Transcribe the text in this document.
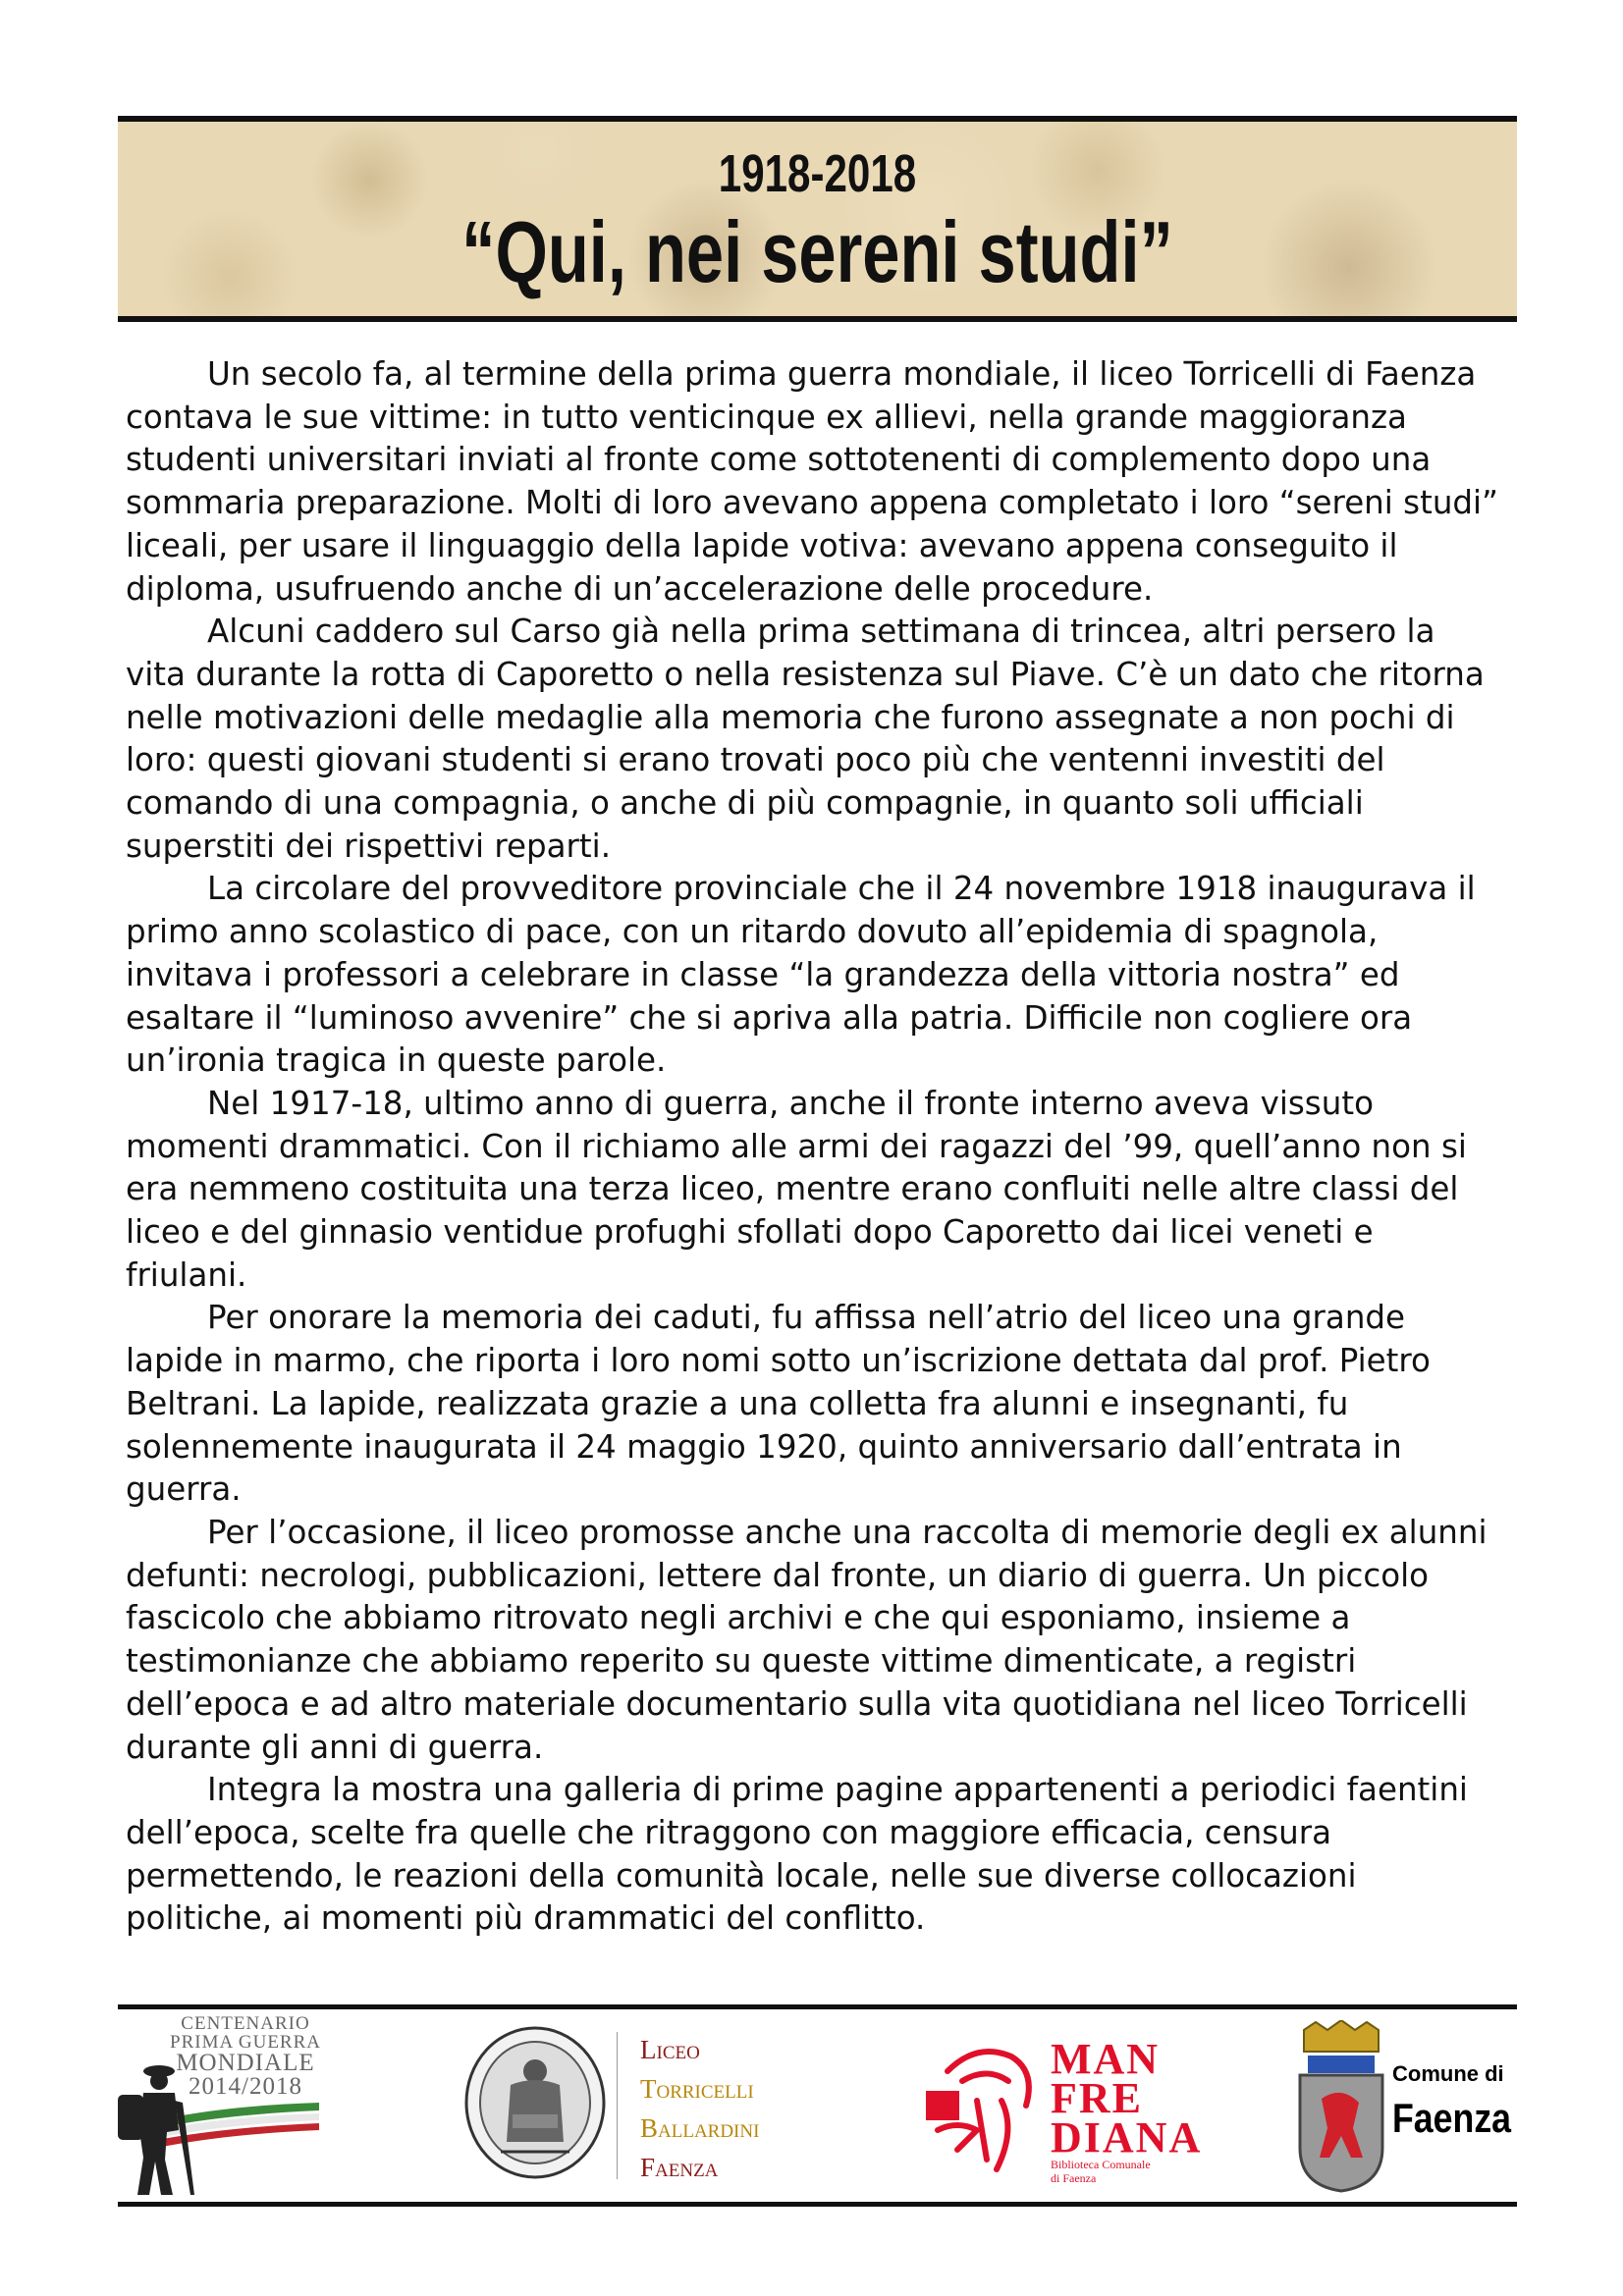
1918-2018
“Qui, nei sereni studi”

Un secolo fa, al termine della prima guerra mondiale, il liceo Torricelli di Faenza contava le sue vittime: in tutto venticinque ex allievi, nella grande maggioranza studenti universitari inviati al fronte come sottotenenti di complemento dopo una sommaria preparazione. Molti di loro avevano appena completato i loro “sereni studi” liceali, per usare il linguaggio della lapide votiva: avevano appena conseguito il diploma, usufruendo anche di un’accelerazione delle procedure.

Alcuni caddero sul Carso già nella prima settimana di trincea, altri persero la vita durante la rotta di Caporetto o nella resistenza sul Piave. C’è un dato che ritorna nelle motivazioni delle medaglie alla memoria che furono assegnate a non pochi di loro: questi giovani studenti si erano trovati poco più che ventenni investiti del comando di una compagnia, o anche di più compagnie, in quanto soli ufficiali superstiti dei rispettivi reparti.

La circolare del provveditore provinciale che il 24 novembre 1918 inaugurava il primo anno scolastico di pace, con un ritardo dovuto all’epidemia di spagnola, invitava i professori a celebrare in classe “la grandezza della vittoria nostra” ed esaltare il “luminoso avvenire” che si apriva alla patria. Difficile non cogliere ora un’ironia tragica in queste parole.

Nel 1917-18, ultimo anno di guerra, anche il fronte interno aveva vissuto momenti drammatici. Con il richiamo alle armi dei ragazzi del ’99, quell’anno non si era nemmeno costituita una terza liceo, mentre erano confluiti nelle altre classi del liceo e del ginnasio ventidue profughi sfollati dopo Caporetto dai licei veneti e friulani.

Per onorare la memoria dei caduti, fu affissa nell’atrio del liceo una grande lapide in marmo, che riporta i loro nomi sotto un’iscrizione dettata dal prof. Pietro Beltrani. La lapide, realizzata grazie a una colletta fra alunni e insegnanti, fu solennemente inaugurata il 24 maggio 1920, quinto anniversario dall’entrata in guerra.

Per l’occasione, il liceo promosse anche una raccolta di memorie degli ex alunni defunti: necrologi, pubblicazioni, lettere dal fronte, un diario di guerra. Un piccolo fascicolo che abbiamo ritrovato negli archivi e che qui esponiamo, insieme a testimonianze che abbiamo reperito su queste vittime dimenticate, a registri dell’epoca e ad altro materiale documentario sulla vita quotidiana nel liceo Torricelli durante gli anni di guerra.

Integra la mostra una galleria di prime pagine appartenenti a periodici faentini dell’epoca, scelte fra quelle che ritraggono con maggiore efficacia, censura permettendo, le reazioni della comunità locale, nelle sue diverse collocazioni politiche, ai momenti più drammatici del conflitto.

CENTENARIO
PRIMA GUERRA
MONDIALE
2014/2018
Liceo
Torricelli
Ballardini
Faenza
MAN
FRE
DIANA
Biblioteca Comunale
di Faenza
Comune di
Faenza
